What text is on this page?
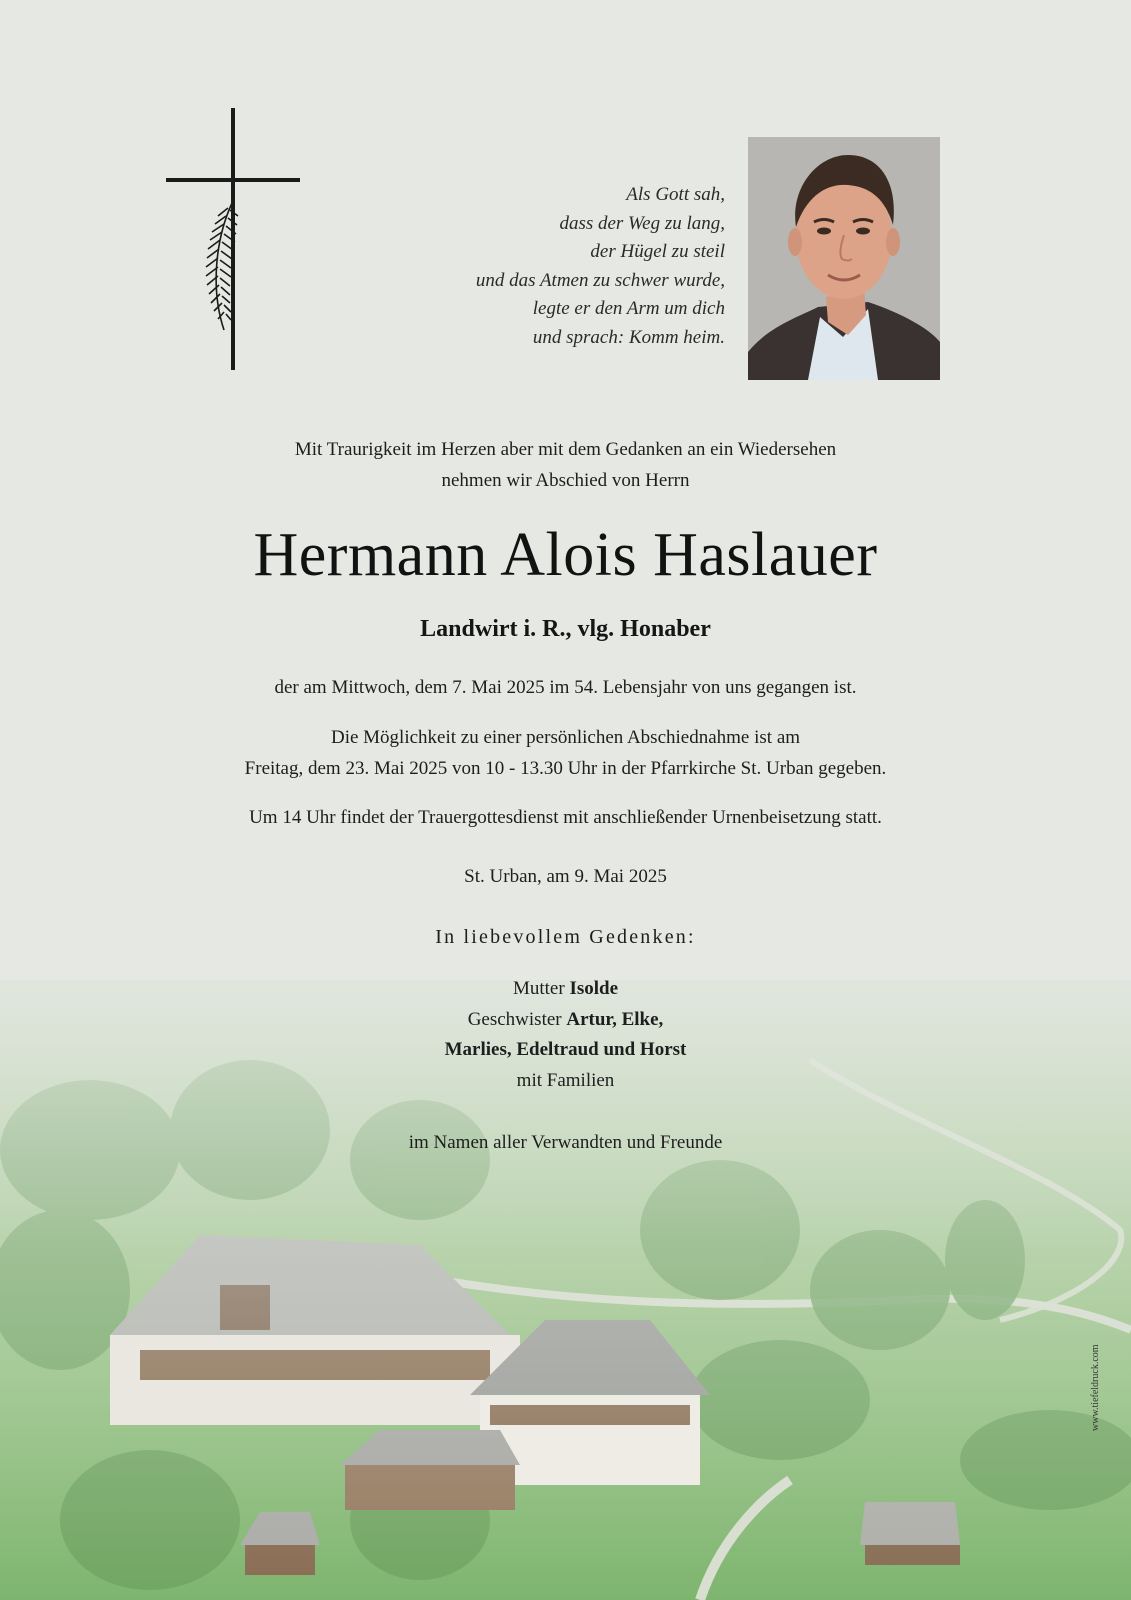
Als Gott sah,
dass der Weg zu lang,
der Hügel zu steil
und das Atmen zu schwer wurde,
legte er den Arm um dich
und sprach: Komm heim.
Mit Traurigkeit im Herzen aber mit dem Gedanken an ein Wiedersehen
nehmen wir Abschied von Herrn
Hermann Alois Haslauer
Landwirt i. R., vlg. Honaber
der am Mittwoch, dem 7. Mai 2025 im 54. Lebensjahr von uns gegangen ist.
Die Möglichkeit zu einer persönlichen Abschiednahme ist am
Freitag, dem 23. Mai 2025 von 10 - 13.30 Uhr in der Pfarrkirche St. Urban gegeben.
Um 14 Uhr findet der Trauergottesdienst mit anschließender Urnenbeisetzung statt.
St. Urban, am 9. Mai 2025
In liebevollem Gedenken:
Mutter Isolde
Geschwister Artur, Elke,
Marlies, Edeltraud und Horst
mit Familien
im Namen aller Verwandten und Freunde
www.tiefeldruck.com
